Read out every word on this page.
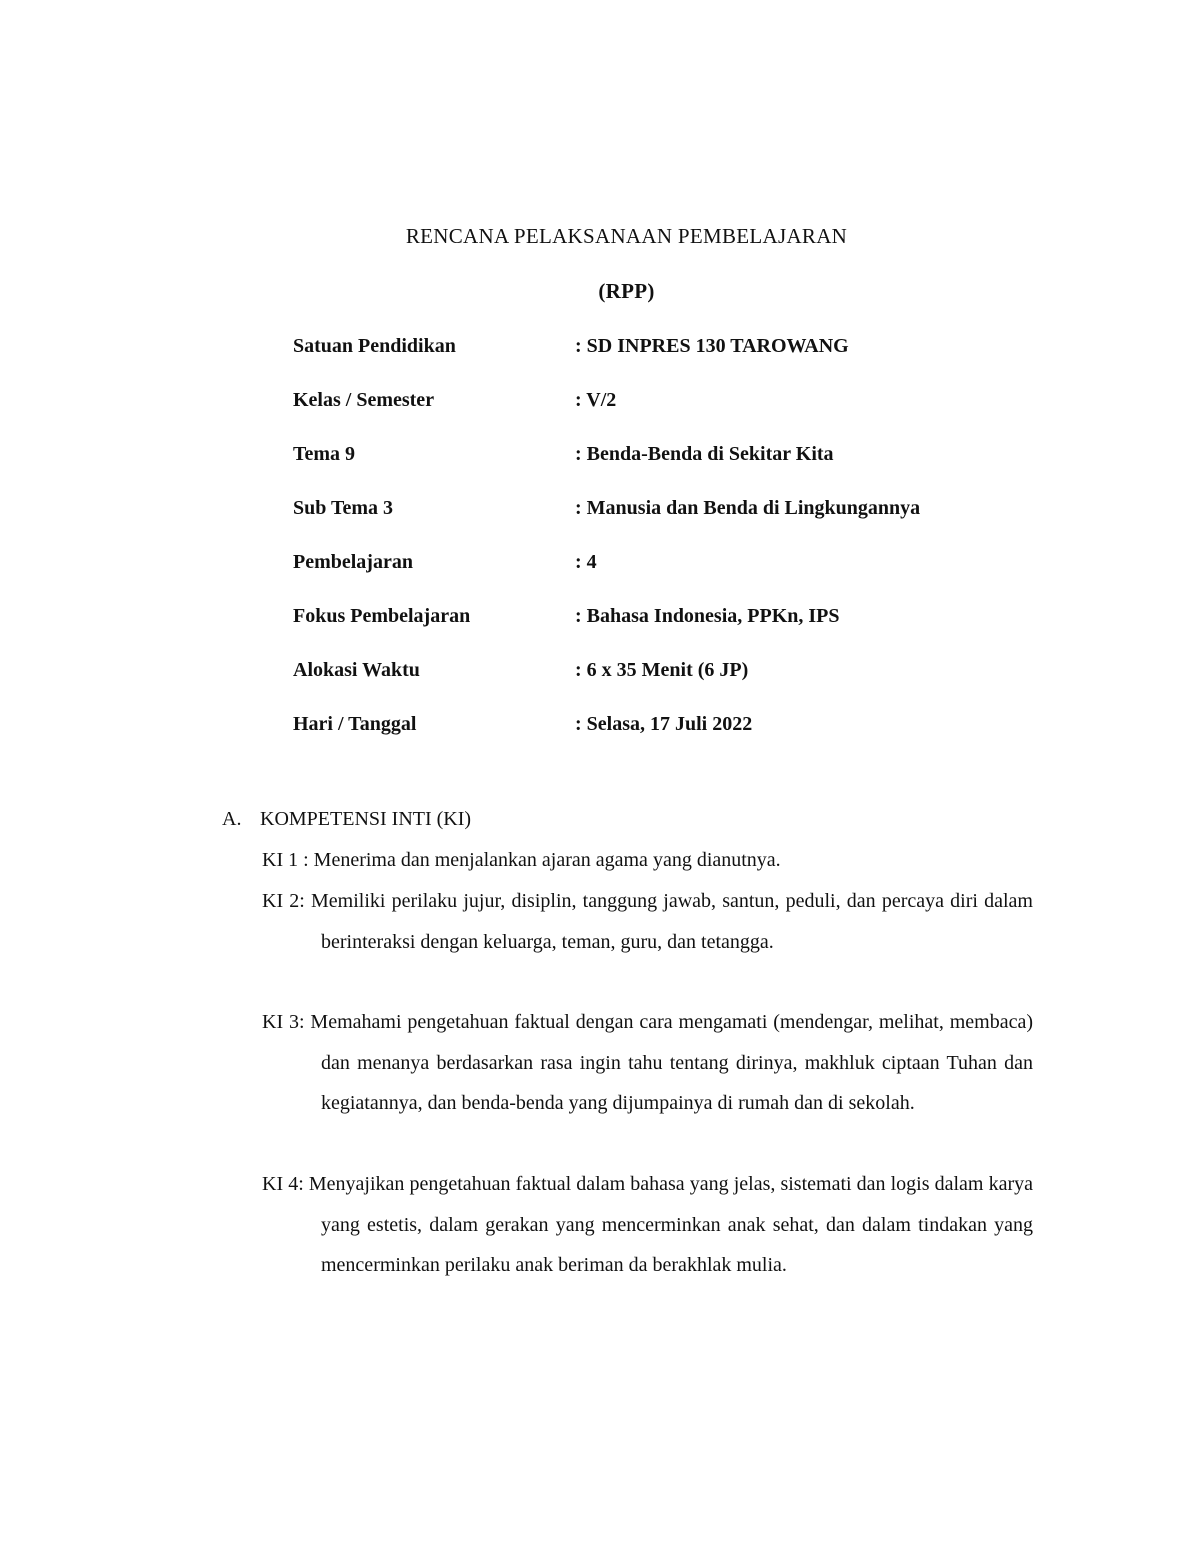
RENCANA PELAKSANAAN PEMBELAJARAN
(RPP)
Satuan Pendidikan	: SD INPRES 130 TAROWANG
Kelas / Semester	: V/2
Tema 9	: Benda-Benda di Sekitar Kita
Sub Tema 3	: Manusia dan Benda di Lingkungannya
Pembelajaran	: 4
Fokus Pembelajaran	: Bahasa Indonesia, PPKn, IPS
Alokasi Waktu	: 6 x 35 Menit (6 JP)
Hari / Tanggal	: Selasa, 17 Juli 2022
A. KOMPETENSI INTI (KI)
KI 1 : Menerima dan menjalankan ajaran agama yang dianutnya.
KI 2: Memiliki perilaku jujur, disiplin, tanggung jawab, santun, peduli, dan percaya diri dalam berinteraksi dengan keluarga, teman, guru, dan tetangga.
KI 3: Memahami pengetahuan faktual dengan cara mengamati (mendengar, melihat, membaca) dan menanya berdasarkan rasa ingin tahu tentang dirinya, makhluk ciptaan Tuhan dan kegiatannya, dan benda-benda yang dijumpainya di rumah dan di sekolah.
KI 4: Menyajikan pengetahuan faktual dalam bahasa yang jelas, sistemati dan logis dalam karya yang estetis, dalam gerakan yang mencerminkan anak sehat, dan dalam tindakan yang mencerminkan perilaku anak beriman da berakhlak mulia.
